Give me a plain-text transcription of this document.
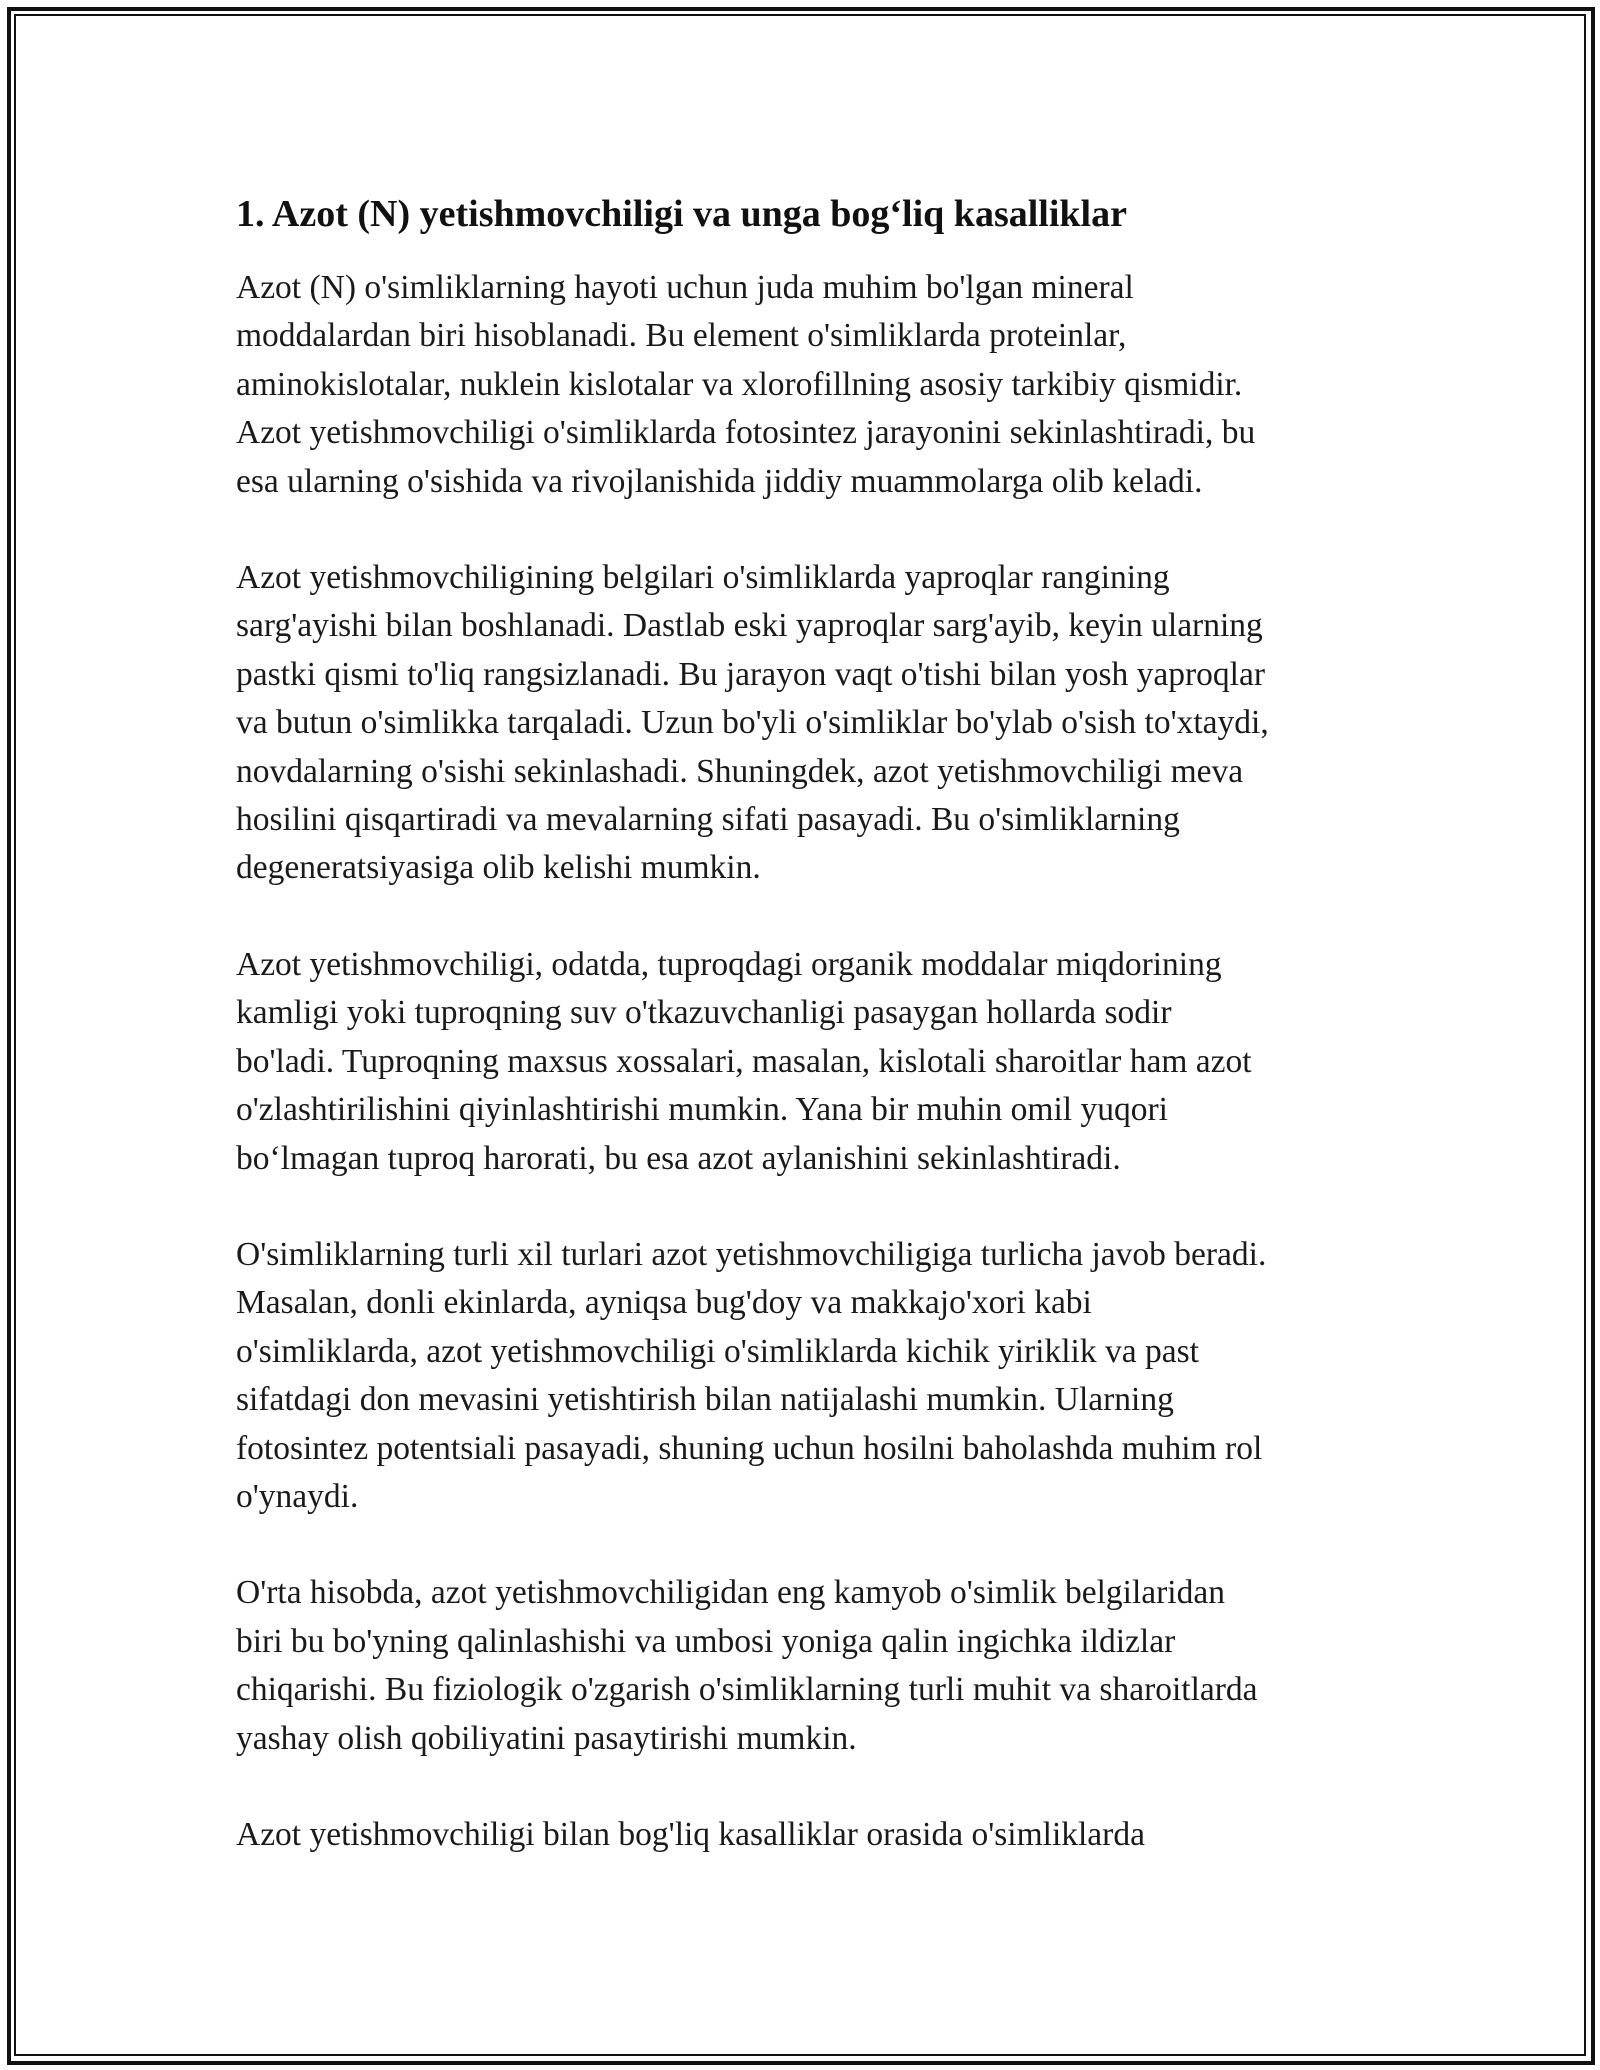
1. Azot (N) yetishmovchiligi va unga bog‘liq kasalliklar

Azot (N) o'simliklarning hayoti uchun juda muhim bo'lgan mineral
moddalardan biri hisoblanadi. Bu element o'simliklarda proteinlar,
aminokislotalar, nuklein kislotalar va xlorofillning asosiy tarkibiy qismidir.
Azot yetishmovchiligi o'simliklarda fotosintez jarayonini sekinlashtiradi, bu
esa ularning o'sishida va rivojlanishida jiddiy muammolarga olib keladi.

Azot yetishmovchiligining belgilari o'simliklarda yaproqlar rangining
sarg'ayishi bilan boshlanadi. Dastlab eski yaproqlar sarg'ayib, keyin ularning
pastki qismi to'liq rangsizlanadi. Bu jarayon vaqt o'tishi bilan yosh yaproqlar
va butun o'simlikka tarqaladi. Uzun bo'yli o'simliklar bo'ylab o'sish to'xtaydi,
novdalarning o'sishi sekinlashadi. Shuningdek, azot yetishmovchiligi meva
hosilini qisqartiradi va mevalarning sifati pasayadi. Bu o'simliklarning
degeneratsiyasiga olib kelishi mumkin.

Azot yetishmovchiligi, odatda, tuproqdagi organik moddalar miqdorining
kamligi yoki tuproqning suv o'tkazuvchanligi pasaygan hollarda sodir
bo'ladi. Tuproqning maxsus xossalari, masalan, kislotali sharoitlar ham azot
o'zlashtirilishini qiyinlashtirishi mumkin. Yana bir muhin omil yuqori
bo‘lmagan tuproq harorati, bu esa azot aylanishini sekinlashtiradi.

O'simliklarning turli xil turlari azot yetishmovchiligiga turlicha javob beradi.
Masalan, donli ekinlarda, ayniqsa bug'doy va makkajo'xori kabi
o'simliklarda, azot yetishmovchiligi o'simliklarda kichik yiriklik va past
sifatdagi don mevasini yetishtirish bilan natijalashi mumkin. Ularning
fotosintez potentsiali pasayadi, shuning uchun hosilni baholashda muhim rol
o'ynaydi.

O'rta hisobda, azot yetishmovchiligidan eng kamyob o'simlik belgilaridan
biri bu bo'yning qalinlashishi va umbosi yoniga qalin ingichka ildizlar
chiqarishi. Bu fiziologik o'zgarish o'simliklarning turli muhit va sharoitlarda
yashay olish qobiliyatini pasaytirishi mumkin.

Azot yetishmovchiligi bilan bog'liq kasalliklar orasida o'simliklarda
